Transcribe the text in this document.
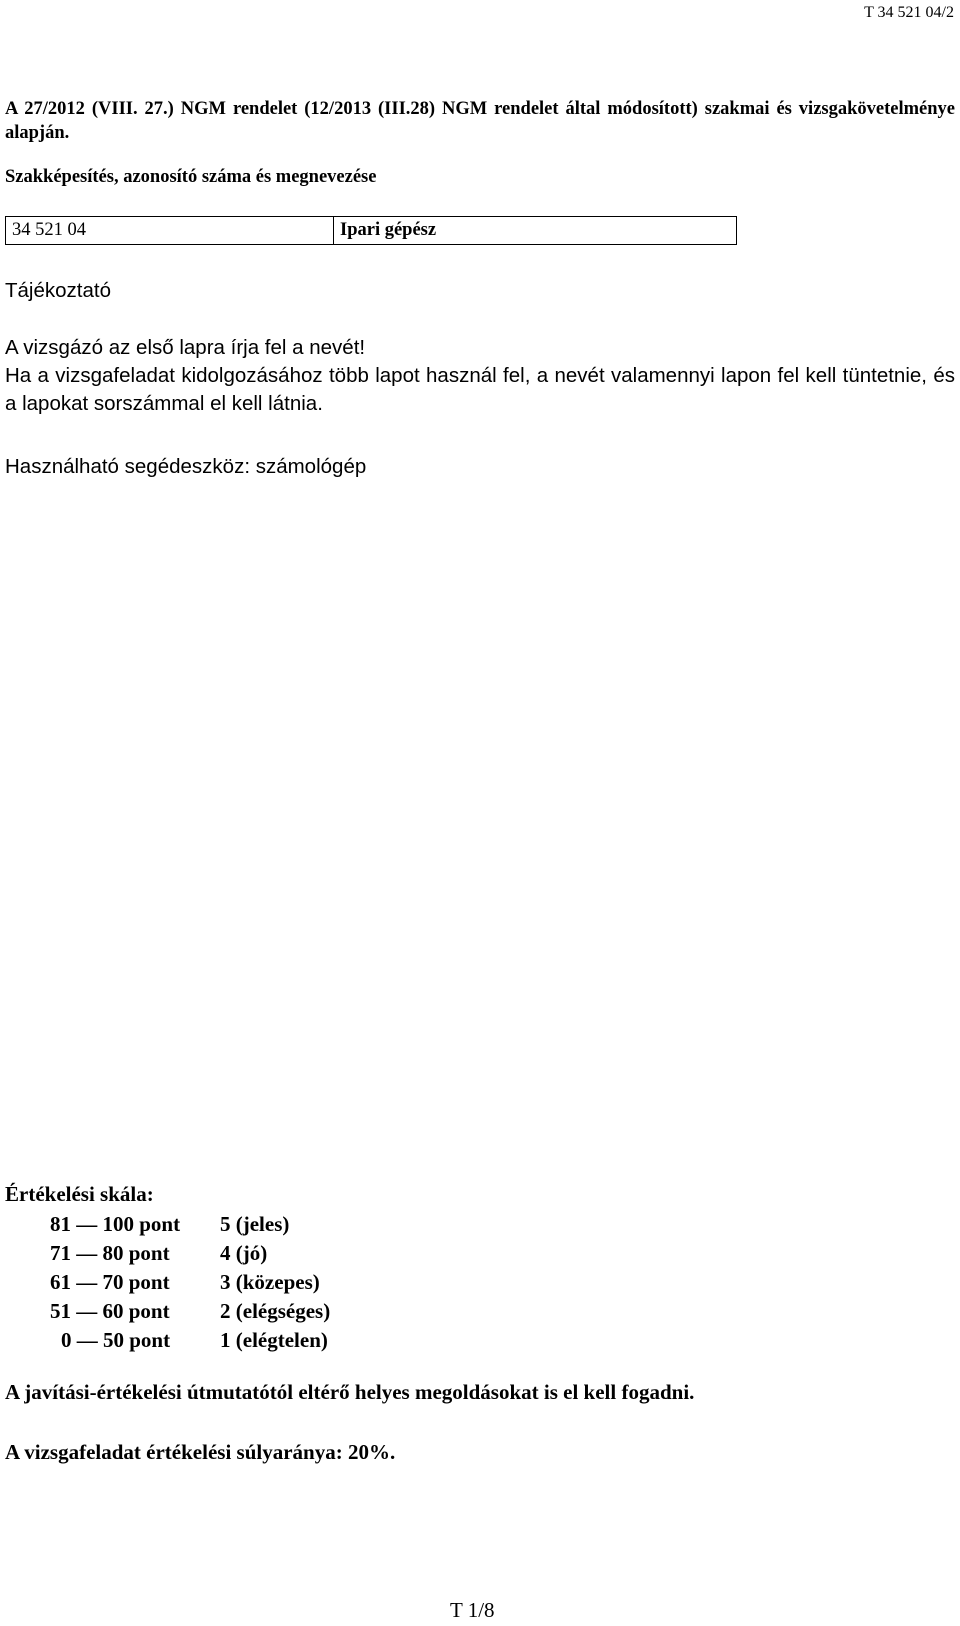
T 34 521 04/2
A 27/2012 (VIII. 27.) NGM rendelet (12/2013 (III.28) NGM rendelet által módosított) szakmai és vizsgakövetelménye alapján.
Szakképesítés, azonosító száma és megnevezése
34 521 04	Ipari gépész
Tájékoztató
A vizsgázó az első lapra írja fel a nevét!
Ha a vizsgafeladat kidolgozásához több lapot használ fel, a nevét valamennyi lapon fel kell tüntetnie, és a lapokat sorszámmal el kell látnia.
Használható segédeszköz: számológép
Értékelési skála:
81 — 100 pont	5 (jeles)
71 — 80 pont	4 (jó)
61 — 70 pont	3 (közepes)
51 — 60 pont	2 (elégséges)
0 — 50 pont	1 (elégtelen)
A javítási-értékelési útmutatótól eltérő helyes megoldásokat is el kell fogadni.
A vizsgafeladat értékelési súlyaránya: 20%.
T 1/8
